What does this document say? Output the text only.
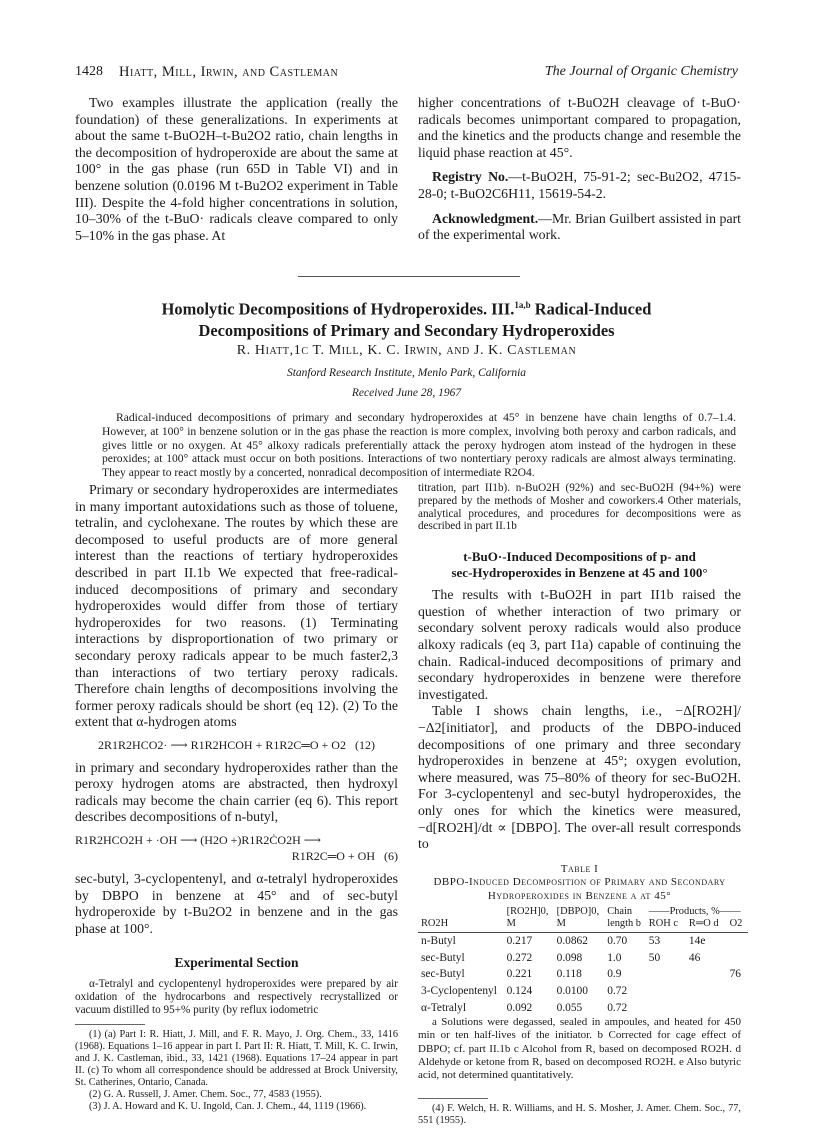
1428 Hiatt, Mill, Irwin, and Castleman	The Journal of Organic Chemistry

Two examples illustrate the application (really the foundation) of these generalizations. In experiments at about the same t-BuO2H–t-Bu2O2 ratio, chain lengths in the decomposition of hydroperoxide are about the same at 100° in the gas phase (run 65D in Table VI) and in benzene solution (0.0196 M t-Bu2O2 experiment in Table III). Despite the 4-fold higher concentrations in solution, 10–30% of the t-BuO· radicals cleave compared to only 5–10% in the gas phase. At

higher concentrations of t-BuO2H cleavage of t-BuO· radicals becomes unimportant compared to propagation, and the kinetics and the products change and resemble the liquid phase reaction at 45°.

Registry No.—t-BuO2H, 75-91-2; sec-Bu2O2, 4715-28-0; t-BuO2C6H11, 15619-54-2.

Acknowledgment.—Mr. Brian Guilbert assisted in part of the experimental work.

Homolytic Decompositions of Hydroperoxides. III.$^{1a,b}$ Radical-Induced
Decompositions of Primary and Secondary Hydroperoxides
R. Hiatt,1c T. Mill, K. C. Irwin, and J. K. Castleman
Stanford Research Institute, Menlo Park, California
Received June 28, 1967

Radical-induced decompositions of primary and secondary hydroperoxides at 45° in benzene have chain lengths of 0.7–1.4. However, at 100° in benzene solution or in the gas phase the reaction is more complex, involving both peroxy and carbon radicals, and gives little or no oxygen. At 45° alkoxy radicals preferentially attack the peroxy hydrogen atom instead of the hydrogen in these peroxides; at 100° attack must occur on both positions. Interactions of two nontertiary peroxy radicals are almost always terminating. They appear to react mostly by a concerted, nonradical decomposition of intermediate R2O4.

Primary or secondary hydroperoxides are intermediates in many important autoxidations such as those of toluene, tetralin, and cyclohexane. The routes by which these are decomposed to useful products are of more general interest than the reactions of tertiary hydroperoxides described in part II.1b We expected that free-radical-induced decompositions of primary and secondary hydroperoxides would differ from those of tertiary hydroperoxides for two reasons. (1) Terminating interactions by disproportionation of two primary or secondary peroxy radicals appear to be much faster2,3 than interactions of two tertiary peroxy radicals. Therefore chain lengths of decompositions involving the former peroxy radicals should be short (eq 12). (2) To the extent that α-hydrogen atoms

2R1R2HCO2· ⟶ R1R2HCOH + R1R2C═O + O2 (12)

in primary and secondary hydroperoxides rather than the peroxy hydrogen atoms are abstracted, then hydroxyl radicals may become the chain carrier (eq 6). This report describes decompositions of n-butyl,

R1R2HCO2H + ·OH ⟶ (H2O +)R1R2ĊO2H ⟶
R1R2C═O + OH (6)

sec-butyl, 3-cyclopentenyl, and α-tetralyl hydroperoxides by DBPO in benzene at 45° and of sec-butyl hydroperoxide by t-Bu2O2 in benzene and in the gas phase at 100°.

Experimental Section

α-Tetralyl and cyclopentenyl hydroperoxides were prepared by air oxidation of the hydrocarbons and respectively recrystallized or vacuum distilled to 95+% purity (by reflux iodometric

(1) (a) Part I: R. Hiatt, J. Mill, and F. R. Mayo, J. Org. Chem., 33, 1416 (1968). Equations 1–16 appear in part I. Part II: R. Hiatt, T. Mill, K. C. Irwin, and J. K. Castleman, ibid., 33, 1421 (1968). Equations 17–24 appear in part II. (c) To whom all correspondence should be addressed at Brock University, St. Catherines, Ontario, Canada.

(2) G. A. Russell, J. Amer. Chem. Soc., 77, 4583 (1955).

(3) J. A. Howard and K. U. Ingold, Can. J. Chem., 44, 1119 (1966).

titration, part II1b). n-BuO2H (92%) and sec-BuO2H (94+%) were prepared by the methods of Mosher and coworkers.4 Other materials, analytical procedures, and procedures for decompositions were as described in part II.1b

t-BuO·-Induced Decompositions of p- and
sec-Hydroperoxides in Benzene at 45 and 100°

The results with t-BuO2H in part II1b raised the question of whether interaction of two primary or secondary solvent peroxy radicals would also produce alkoxy radicals (eq 3, part I1a) capable of continuing the chain. Radical-induced decompositions of primary and secondary hydroperoxides in benzene were therefore investigated.

Table I shows chain lengths, i.e., −Δ[RO2H]/−Δ2[initiator], and products of the DBPO-induced decompositions of one primary and three secondary hydroperoxides in benzene at 45°; oxygen evolution, where measured, was 75–80% of theory for sec-BuO2H. For 3-cyclopentenyl and sec-butyl hydroperoxides, the only ones for which the kinetics were measured, −d[RO2H]/dt ∝ [DBPO]. The over-all result corresponds to

Table I
DBPO-Induced Decomposition of Primary and Secondary
Hydroperoxides in Benzene a at 45°
	[RO2H]0,	[DBPO]0,	Chain	——Products, %——		
RO2H	M	M	length b	ROH c	R═O d	O2
n-Butyl	0.217	0.0862	0.70	53	14e	
sec-Butyl	0.272	0.098	1.0	50	46	
sec-Butyl	0.221	0.118	0.9			76
3-Cyclopentenyl	0.124	0.0100	0.72			
α-Tetralyl	0.092	0.055	0.72			

a Solutions were degassed, sealed in ampoules, and heated for 450 min or ten half-lives of the initiator. b Corrected for cage effect of DBPO; cf. part II.1b c Alcohol from R, based on decomposed RO2H. d Aldehyde or ketone from R, based on decomposed RO2H. e Also butyric acid, not determined quantitatively.

(4) F. Welch, H. R. Williams, and H. S. Mosher, J. Amer. Chem. Soc., 77, 551 (1955).
